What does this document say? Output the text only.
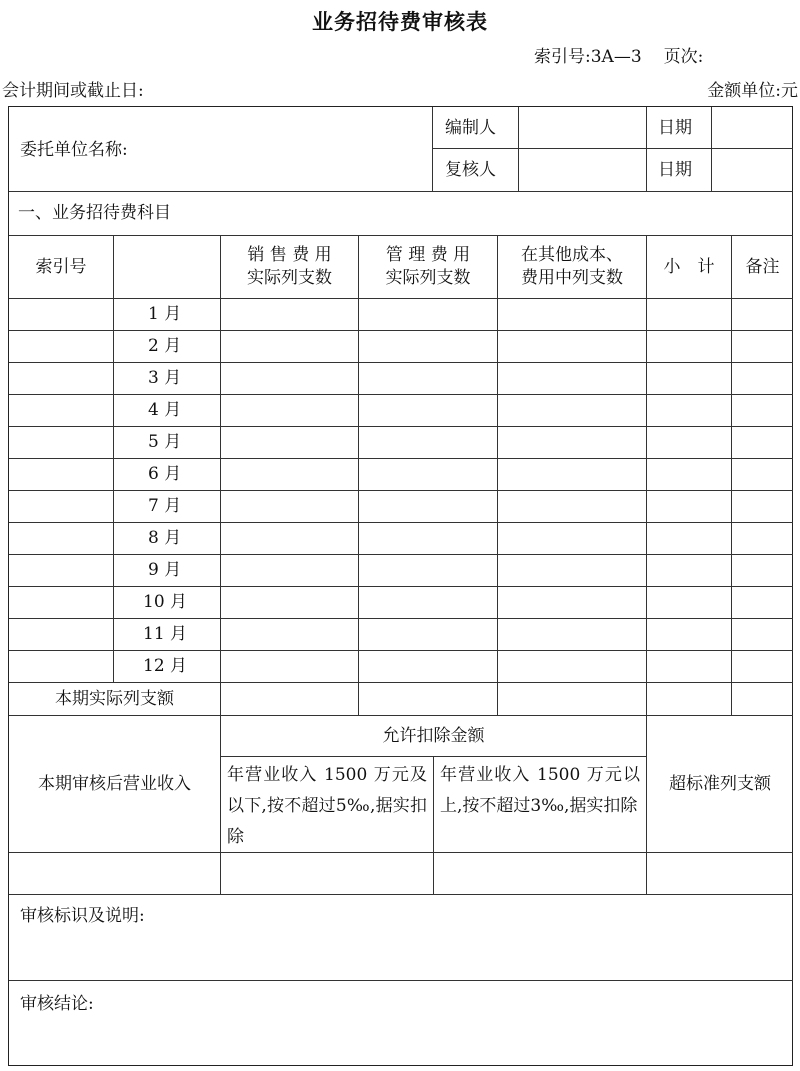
业务招待费审核表
索引号:3A—3 页次:
会计期间或截止日:	金额单位:元
委托单位名称:
编制人
复核人
日期
日期
一、业务招待费科目
索引号
销 售 费 用
实际列支数
管 理 费 用
实际列支数
在其他成本、
费用中列支数
小　计	备注
1 月
2 月
3 月
4 月
5 月
6 月
7 月
8 月
9 月
10 月
11 月
12 月
本期实际列支额
本期审核后营业收入
允许扣除金额
年营业收入 1500 万元及以下,按不超过5‰,据实扣除
年营业收入 1500 万元以上,按不超过3‰,据实扣除
超标准列支额
审核标识及说明:
审核结论:
